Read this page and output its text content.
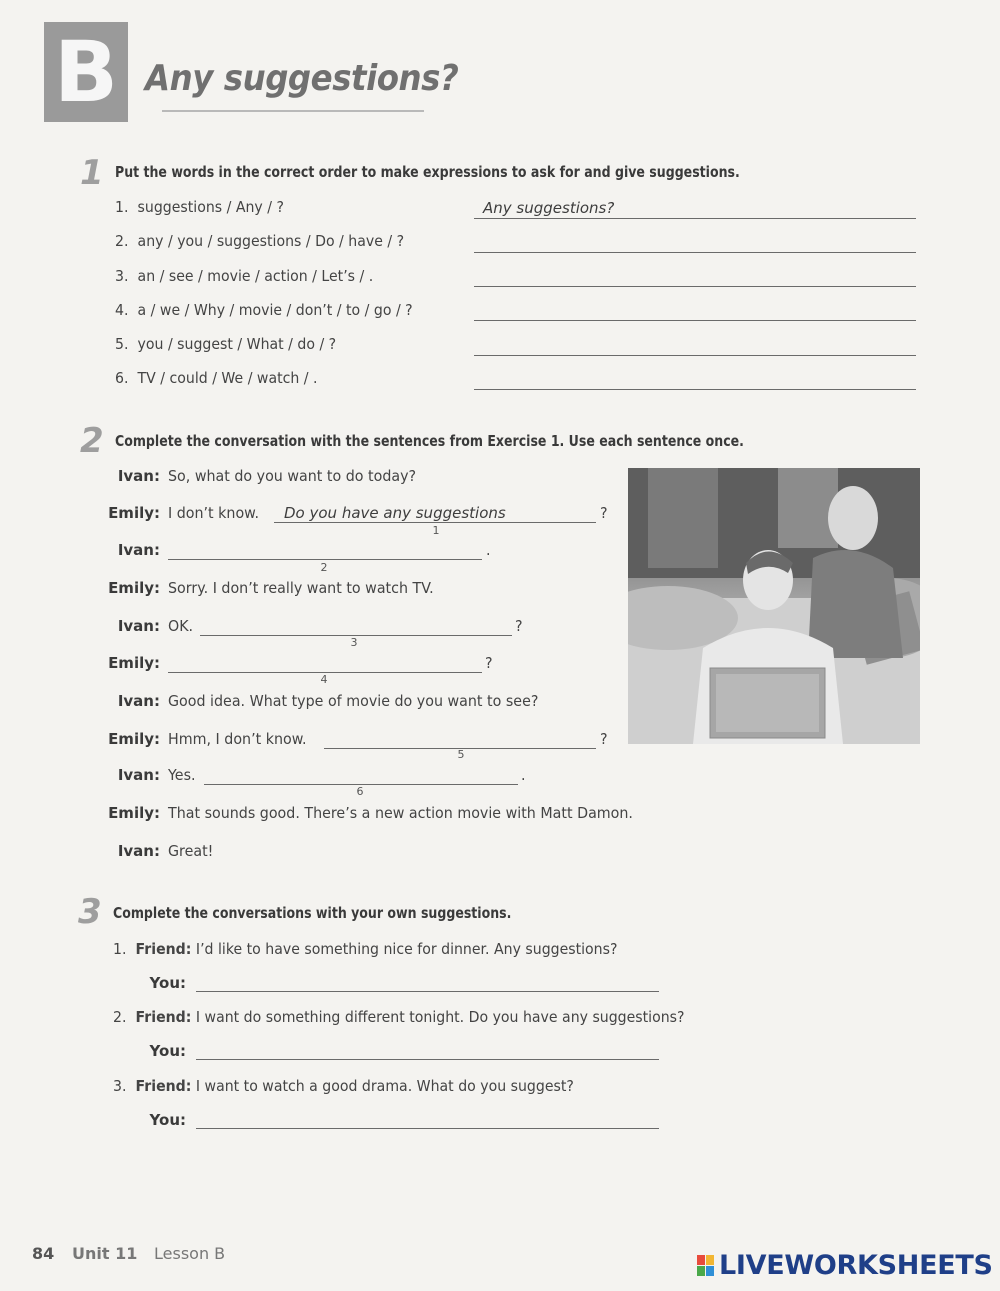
B Any suggestions?
1 Put the words in the correct order to make expressions to ask for and give suggestions.
1. suggestions / Any / ?	Any suggestions?
2. any / you / suggestions / Do / have / ?
3. an / see / movie / action / Let’s / .
4. a / we / Why / movie / don’t / to / go / ?
5. you / suggest / What / do / ?
6. TV / could / We / watch / .
2 Complete the conversation with the sentences from Exercise 1. Use each sentence once.
Ivan: So, what do you want to do today?
Emily: I don’t know. Do you have any suggestions	?
1
Ivan:	.
2
Emily: Sorry. I don’t really want to watch TV.
Ivan: OK.	?
3
Emily:	?
4
Ivan: Good idea. What type of movie do you want to see?
Emily: Hmm, I don’t know.	?
5
Ivan: Yes.	.
6
Emily: That sounds good. There’s a new action movie with Matt Damon.
Ivan: Great!
3 Complete the conversations with your own suggestions.
1. Friend: I’d like to have something nice for dinner. Any suggestions?
You:
2. Friend: I want do something different tonight. Do you have any suggestions?
You:
3. Friend: I want to watch a good drama. What do you suggest?
You:
84 Unit 11 Lesson B	LIVEWORKSHEETS
